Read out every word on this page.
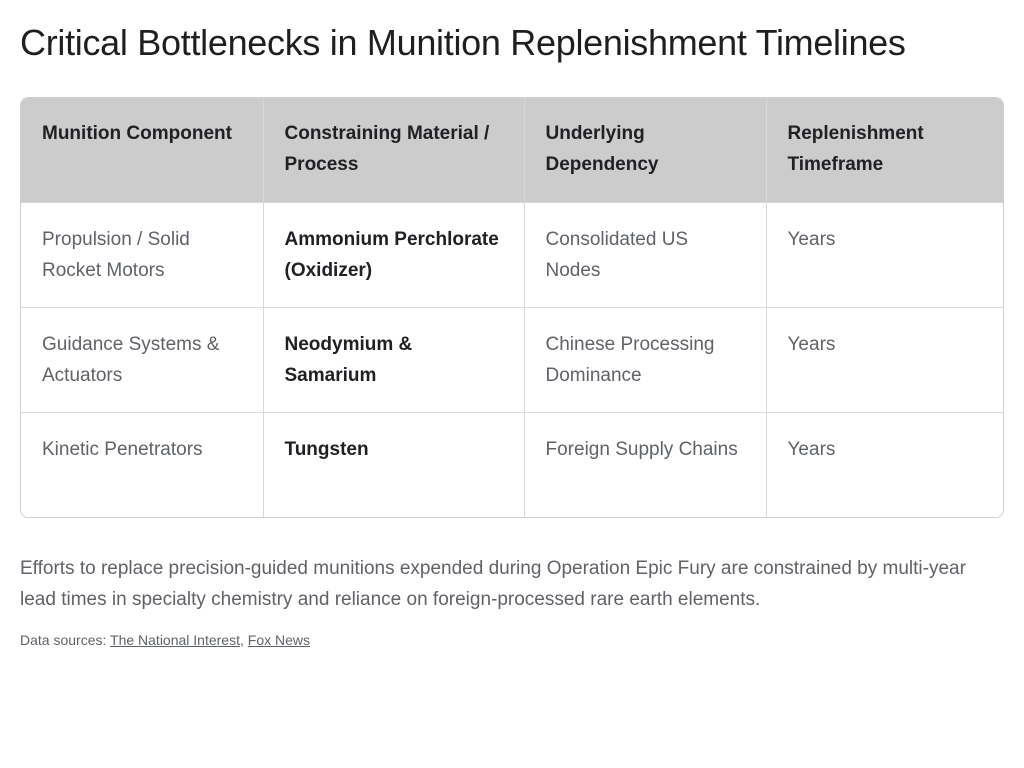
Critical Bottlenecks in Munition Replenishment Timelines
Munition Component	Constraining Material / Process	Underlying Dependency	Replenishment Timeframe
Propulsion / Solid Rocket Motors	Ammonium Perchlorate (Oxidizer)	Consolidated US Nodes	Years
Guidance Systems & Actuators	Neodymium & Samarium	Chinese Processing Dominance	Years
Kinetic Penetrators	Tungsten	Foreign Supply Chains	Years

Efforts to replace precision-guided munitions expended during Operation Epic Fury are constrained by multi-year lead times in specialty chemistry and reliance on foreign-processed rare earth elements.

Data sources: The National Interest, Fox News
